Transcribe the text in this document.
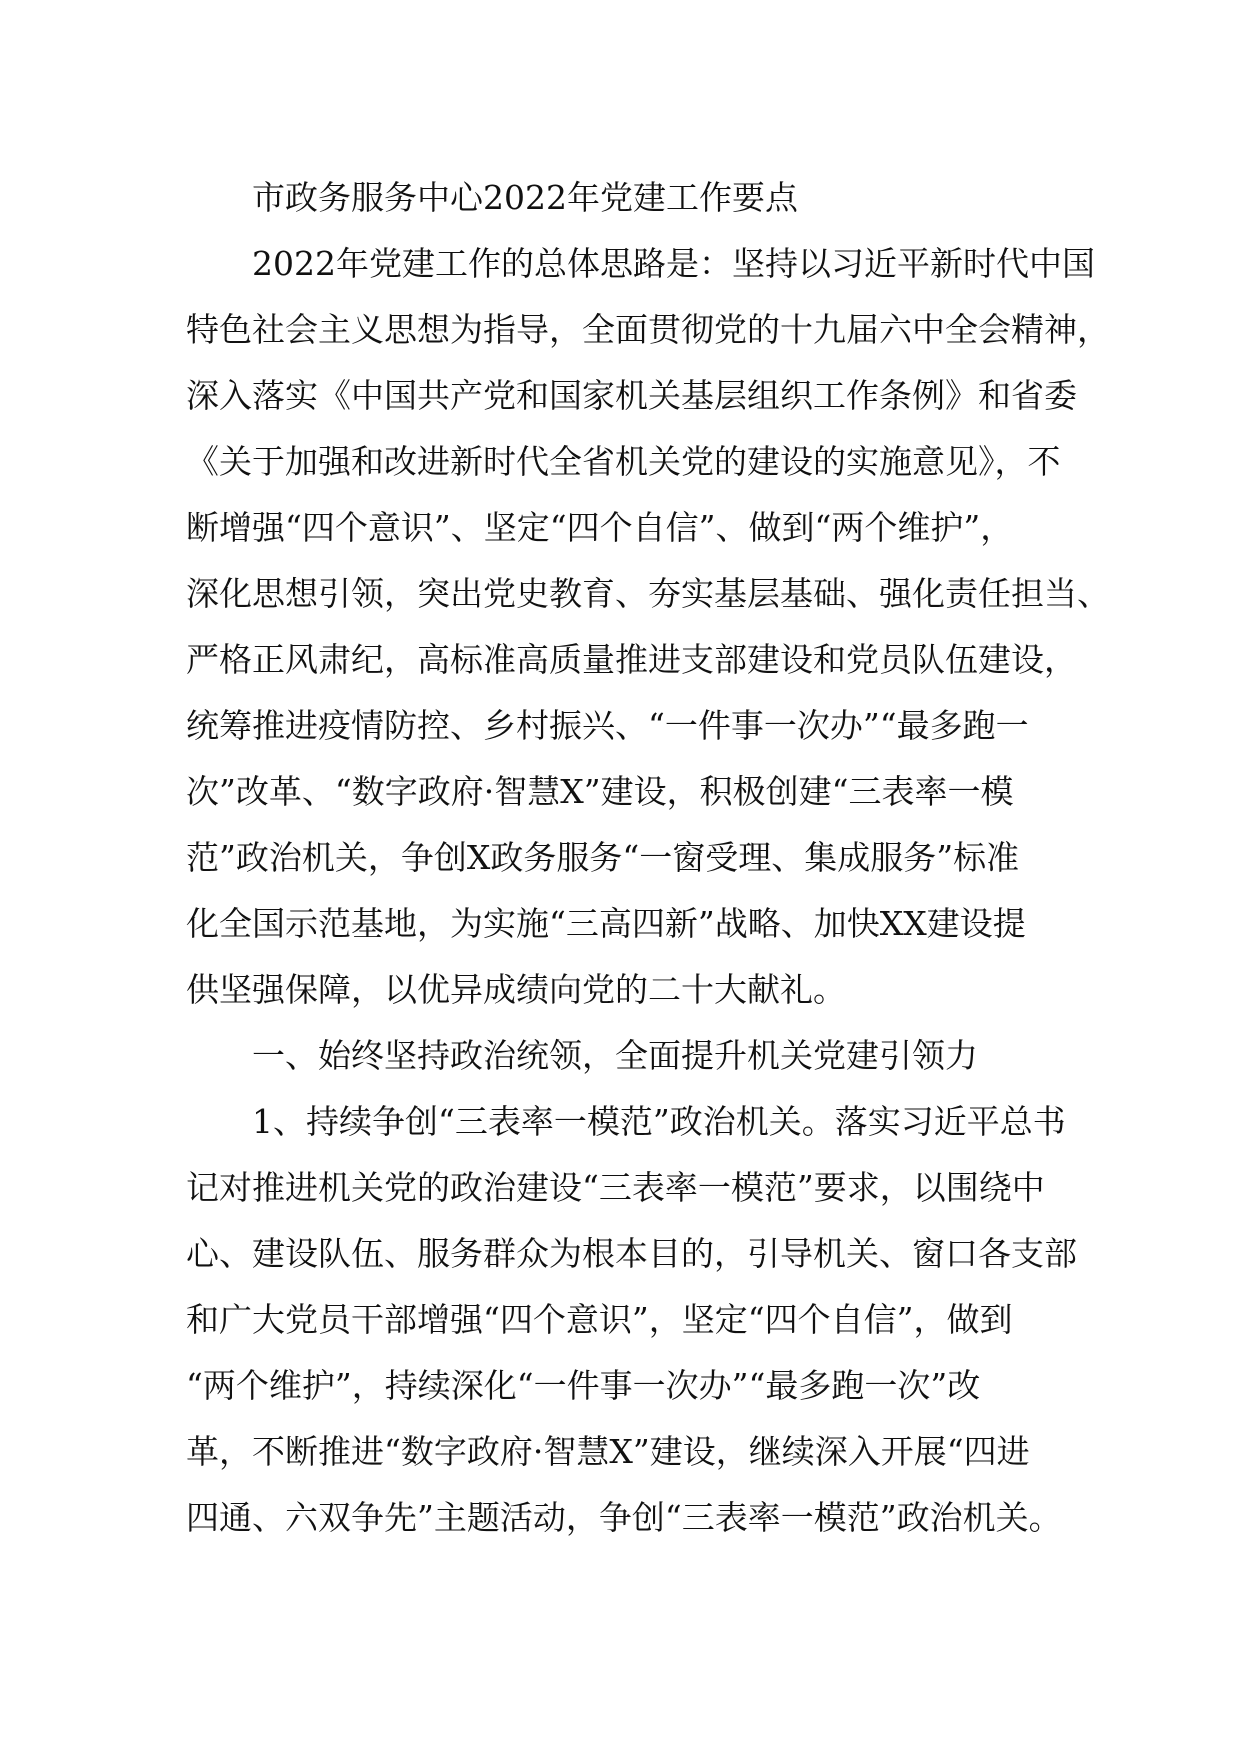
市政务服务中心2022年党建工作要点
2022年党建工作的总体思路是：坚持以习近平新时代中国
特色社会主义思想为指导，全面贯彻党的十九届六中全会精神，
深入落实《中国共产党和国家机关基层组织工作条例》和省委
《关于加强和改进新时代全省机关党的建设的实施意见》，不
断增强“四个意识”、坚定“四个自信”、做到“两个维护”，
深化思想引领，突出党史教育、夯实基层基础、强化责任担当、
严格正风肃纪，高标准高质量推进支部建设和党员队伍建设，
统筹推进疫情防控、乡村振兴、“一件事一次办”“最多跑一
次”改革、“数字政府·智慧X”建设，积极创建“三表率一模
范”政治机关，争创X政务服务“一窗受理、集成服务”标准
化全国示范基地，为实施“三高四新”战略、加快XX建设提
供坚强保障，以优异成绩向党的二十大献礼。
一、始终坚持政治统领，全面提升机关党建引领力
1、持续争创“三表率一模范”政治机关。落实习近平总书
记对推进机关党的政治建设“三表率一模范”要求，以围绕中
心、建设队伍、服务群众为根本目的，引导机关、窗口各支部
和广大党员干部增强“四个意识”，坚定“四个自信”，做到
“两个维护”，持续深化“一件事一次办”“最多跑一次”改
革，不断推进“数字政府·智慧X”建设，继续深入开展“四进
四通、六双争先”主题活动，争创“三表率一模范”政治机关。
